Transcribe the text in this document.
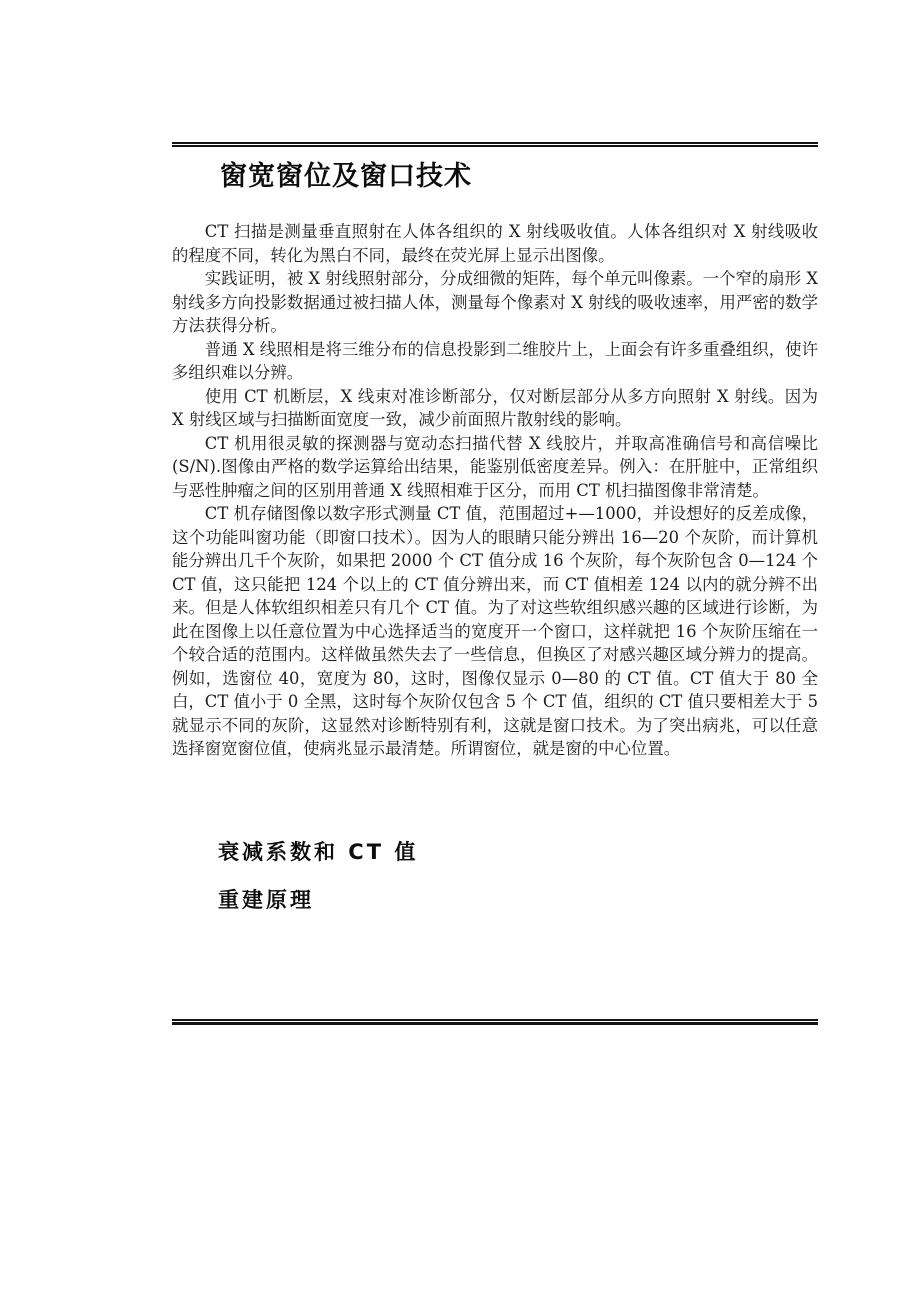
窗宽窗位及窗口技术

CT 扫描是测量垂直照射在人体各组织的 X 射线吸收值。人体各组织对 X 射线吸收的程度不同，转化为黑白不同，最终在荧光屏上显示出图像。

实践证明，被 X 射线照射部分，分成细微的矩阵，每个单元叫像素。一个窄的扇形 X 射线多方向投影数据通过被扫描人体，测量每个像素对 X 射线的吸收速率，用严密的数学方法获得分析。

普通 X 线照相是将三维分布的信息投影到二维胶片上，上面会有许多重叠组织，使许多组织难以分辨。

使用 CT 机断层，X 线束对准诊断部分，仅对断层部分从多方向照射 X 射线。因为 X 射线区域与扫描断面宽度一致，减少前面照片散射线的影响。

CT 机用很灵敏的探测器与宽动态扫描代替 X 线胶片，并取高准确信号和高信噪比(S/N).图像由严格的数学运算给出结果，能鉴别低密度差异。例入：在肝脏中，正常组织与恶性肿瘤之间的区别用普通 X 线照相难于区分，而用 CT 机扫描图像非常清楚。

CT 机存储图像以数字形式测量 CT 值，范围超过+—1000，并设想好的反差成像，这个功能叫窗功能（即窗口技术）。因为人的眼睛只能分辨出 16—20 个灰阶，而计算机能分辨出几千个灰阶，如果把 2000 个 CT 值分成 16 个灰阶，每个灰阶包含 0—124 个 CT 值，这只能把 124 个以上的 CT 值分辨出来，而 CT 值相差 124 以内的就分辨不出来。但是人体软组织相差只有几个 CT 值。为了对这些软组织感兴趣的区域进行诊断，为此在图像上以任意位置为中心选择适当的宽度开一个窗口，这样就把 16 个灰阶压缩在一个较合适的范围内。这样做虽然失去了一些信息，但换区了对感兴趣区域分辨力的提高。例如，选窗位 40，宽度为 80，这时，图像仅显示 0—80 的 CT 值。CT 值大于 80 全白，CT 值小于 0 全黑，这时每个灰阶仅包含 5 个 CT 值，组织的 CT 值只要相差大于 5 就显示不同的灰阶，这显然对诊断特别有利，这就是窗口技术。为了突出病兆，可以任意选择窗宽窗位值，使病兆显示最清楚。所谓窗位，就是窗的中心位置。

衰减系数和 CT 值
重建原理
